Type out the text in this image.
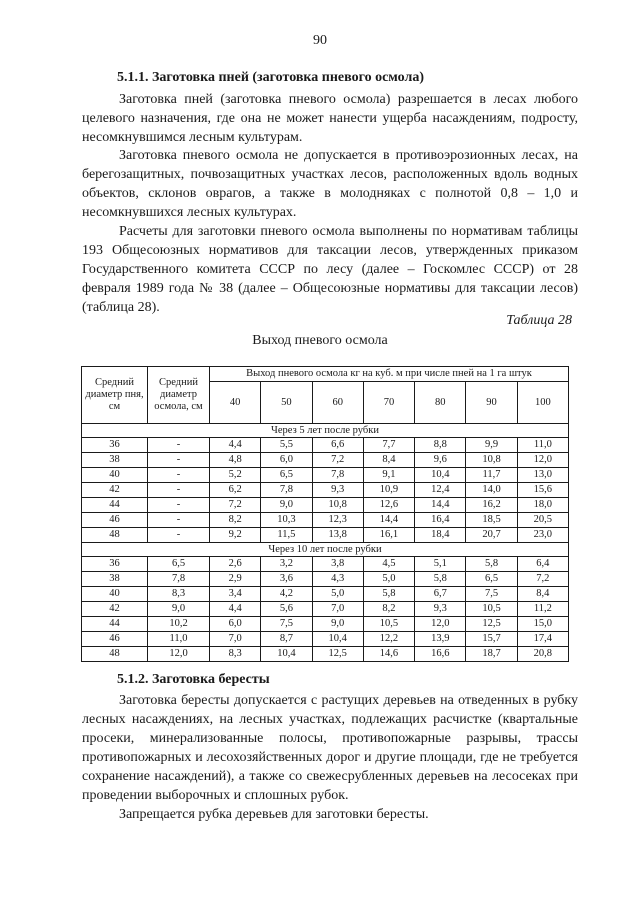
90
5.1.1. Заготовка пней (заготовка пневого осмола)

Заготовка пней (заготовка пневого осмола) разрешается в лесах любого целевого назначения, где она не может нанести ущерба насаждениям, подросту, несомкнувшимся лесным культурам.

Заготовка пневого осмола не допускается в противоэрозионных лесах, на берегозащитных, почвозащитных участках лесов, расположенных вдоль водных объектов, склонов оврагов, а также в молодняках с полнотой 0,8 – 1,0 и несомкнувшихся лесных культурах.

Расчеты для заготовки пневого осмола выполнены по нормативам таблицы 193 Общесоюзных нормативов для таксации лесов, утвержденных приказом Государственного комитета СССР по лесу (далее – Госкомлес СССР) от 28 февраля 1989 года № 38 (далее – Общесоюзные нормативы для таксации лесов) (таблица 28).

Таблица 28
Выход пневого осмола
Средний диаметр пня, см	Средний диаметр осмола, см	Выход пневого осмола кг на куб. м при числе пней на 1 га штук						
		40	50	60	70	80	90	100
Через 5 лет после рубки								
36	-	4,4	5,5	6,6	7,7	8,8	9,9	11,0
38	-	4,8	6,0	7,2	8,4	9,6	10,8	12,0
40	-	5,2	6,5	7,8	9,1	10,4	11,7	13,0
42	-	6,2	7,8	9,3	10,9	12,4	14,0	15,6
44	-	7,2	9,0	10,8	12,6	14,4	16,2	18,0
46	-	8,2	10,3	12,3	14,4	16,4	18,5	20,5
48	-	9,2	11,5	13,8	16,1	18,4	20,7	23,0
Через 10 лет после рубки								
36	6,5	2,6	3,2	3,8	4,5	5,1	5,8	6,4
38	7,8	2,9	3,6	4,3	5,0	5,8	6,5	7,2
40	8,3	3,4	4,2	5,0	5,8	6,7	7,5	8,4
42	9,0	4,4	5,6	7,0	8,2	9,3	10,5	11,2
44	10,2	6,0	7,5	9,0	10,5	12,0	12,5	15,0
46	11,0	7,0	8,7	10,4	12,2	13,9	15,7	17,4
48	12,0	8,3	10,4	12,5	14,6	16,6	18,7	20,8
5.1.2. Заготовка бересты

Заготовка бересты допускается с растущих деревьев на отведенных в рубку лесных насаждениях, на лесных участках, подлежащих расчистке (квартальные просеки, минерализованные полосы, противопожарные разрывы, трассы противопожарных и лесохозяйственных дорог и другие площади, где не требуется сохранение насаждений), а также со свежесрубленных деревьев на лесосеках при проведении выборочных и сплошных рубок.

Запрещается рубка деревьев для заготовки бересты.
